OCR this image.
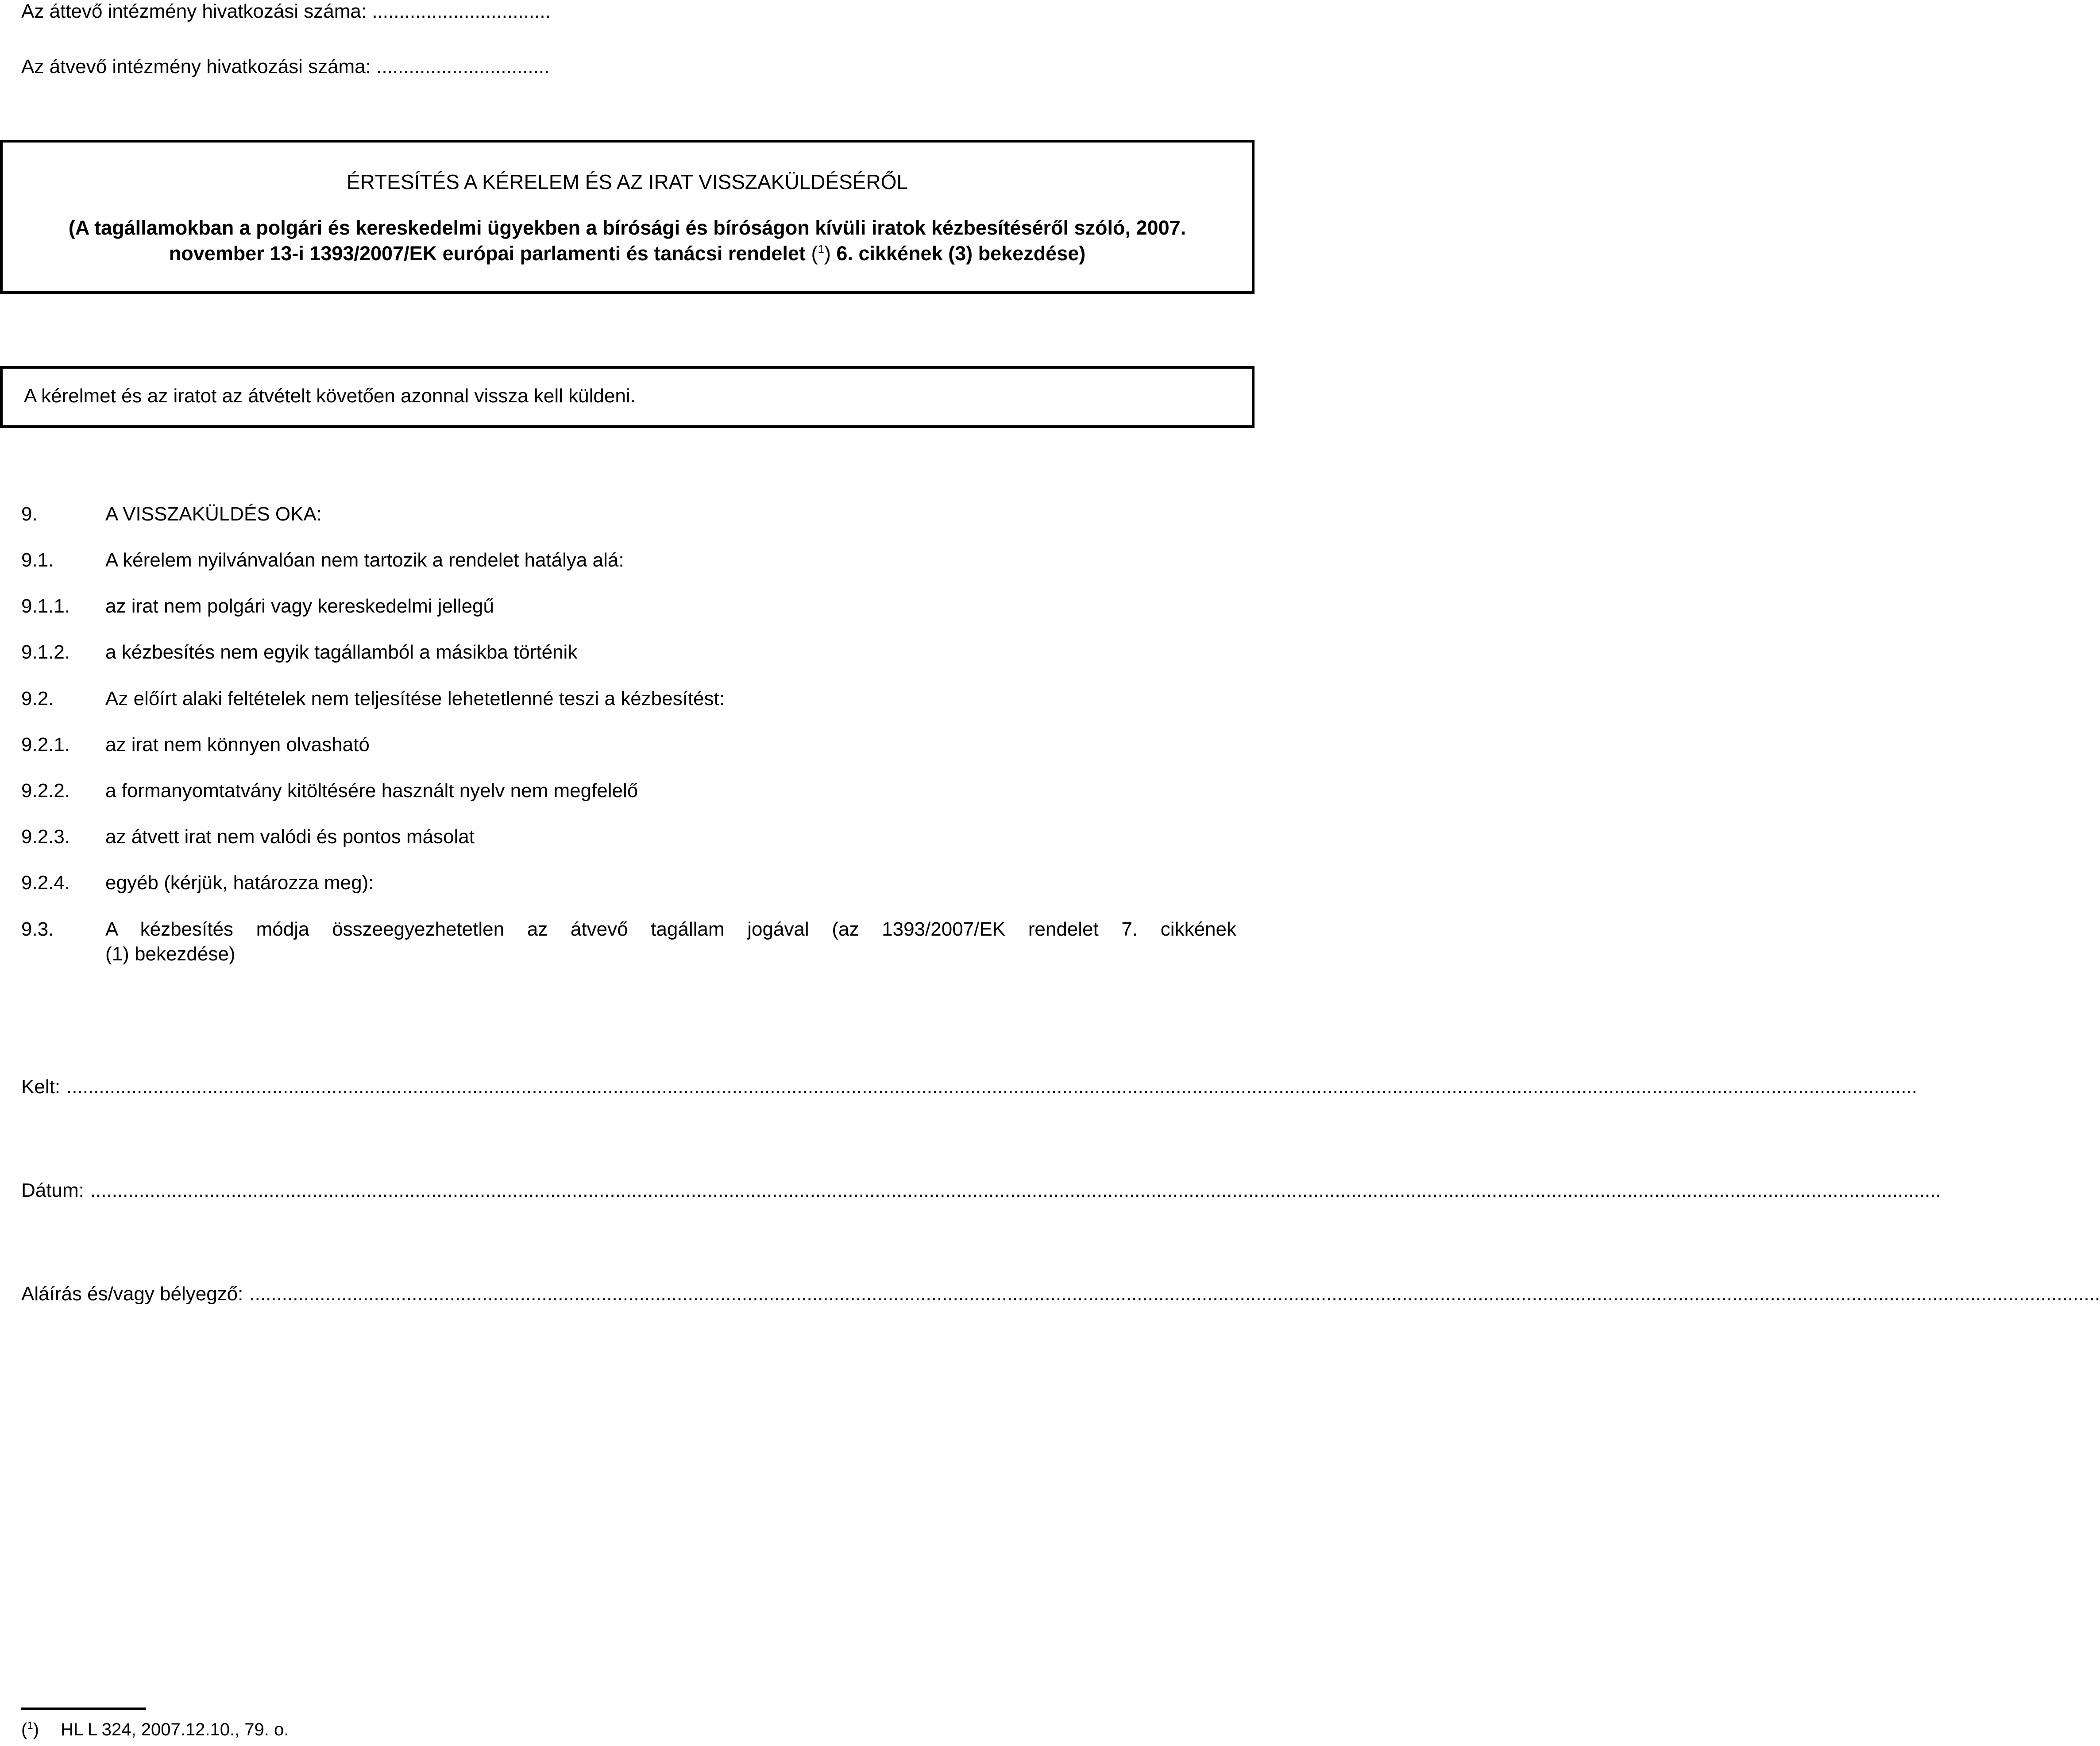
Az áttevő intézmény hivatkozási száma: .................................
Az átvevő intézmény hivatkozási száma: ................................
ÉRTESÍTÉS A KÉRELEM ÉS AZ IRAT VISSZAKÜLDÉSÉRŐL
(A tagállamokban a polgári és kereskedelmi ügyekben a bírósági és bíróságon kívüli iratok kézbesítéséről szóló, 2007. november 13-i 1393/2007/EK európai parlamenti és tanácsi rendelet ($^1$) 6. cikkének (3) bekezdése)
A kérelmet és az iratot az átvételt követően azonnal vissza kell küldeni.
9.	A VISSZAKÜLDÉS OKA:
9.1.	A kérelem nyilvánvalóan nem tartozik a rendelet hatálya alá:
9.1.1. az irat nem polgári vagy kereskedelmi jellegű
9.1.2. a kézbesítés nem egyik tagállamból a másikba történik
9.2.	Az előírt alaki feltételek nem teljesítése lehetetlenné teszi a kézbesítést:
9.2.1. az irat nem könnyen olvasható
9.2.2. a formanyomtatvány kitöltésére használt nyelv nem megfelelő
9.2.3. az átvett irat nem valódi és pontos másolat
9.2.4. egyéb (kérjük, határozza meg):
9.3.	A kézbesítés módja összeegyezhetetlen az átvevő tagállam jogával (az 1393/2007/EK rendelet 7. cikkének
(1) bekezdése)
Kelt: ......................................................................................................................................................................................................................................................................................................................................................
Dátum: ......................................................................................................................................................................................................................................................................................................................................................
Aláírás és/vagy bélyegző: ......................................................................................................................................................................................................................................................................................................................................................
($^1$) HL L 324, 2007.12.10., 79. o.
